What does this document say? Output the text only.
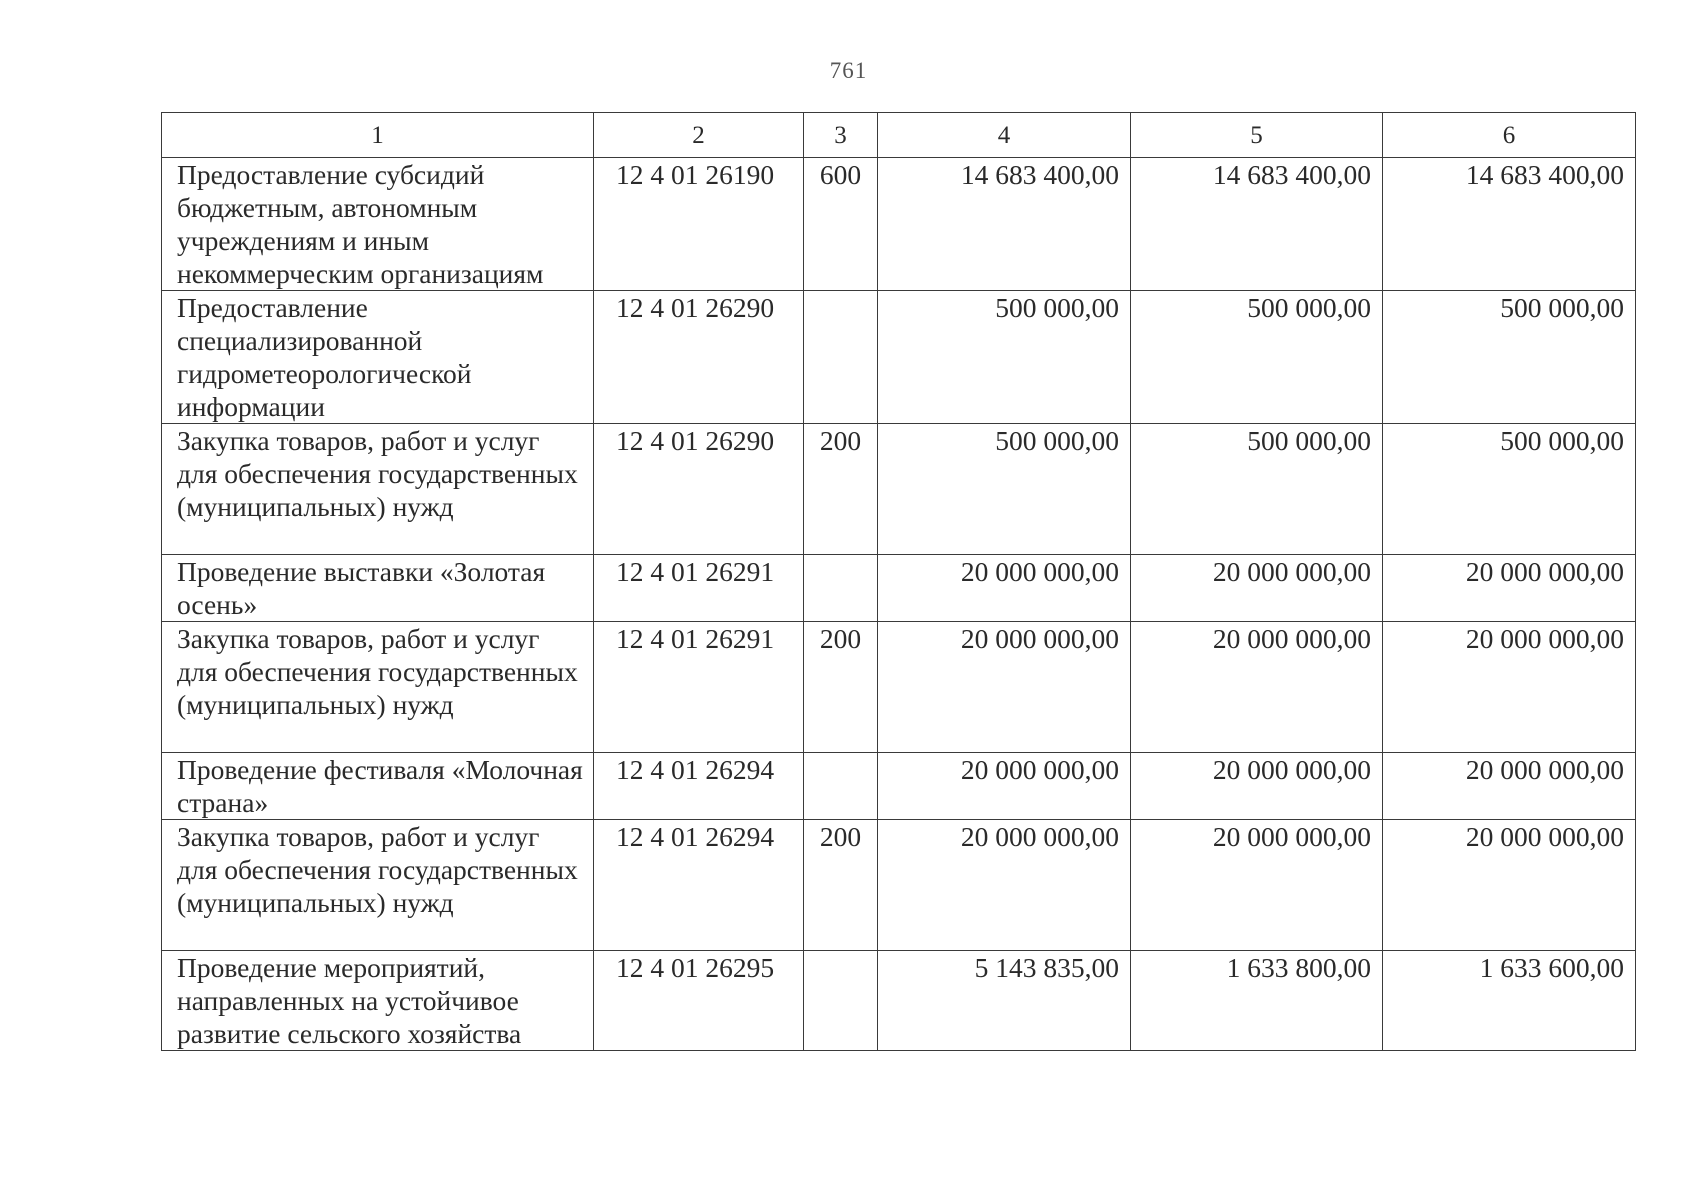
761
1	2	3	4	5	6
Предоставление субсидий бюджетным, автономным учреждениям и иным некоммерческим организациям	12 4 01 26190	600	14 683 400,00	14 683 400,00	14 683 400,00
Предоставление специализированной гидрометеорологической информации	12 4 01 26290		500 000,00	500 000,00	500 000,00
Закупка товаров, работ и услуг для обеспечения государственных (муниципальных) нужд	12 4 01 26290	200	500 000,00	500 000,00	500 000,00
Проведение выставки «Золотая осень»	12 4 01 26291		20 000 000,00	20 000 000,00	20 000 000,00
Закупка товаров, работ и услуг для обеспечения государственных (муниципальных) нужд	12 4 01 26291	200	20 000 000,00	20 000 000,00	20 000 000,00
Проведение фестиваля «Молочная страна»	12 4 01 26294		20 000 000,00	20 000 000,00	20 000 000,00
Закупка товаров, работ и услуг для обеспечения государственных (муниципальных) нужд	12 4 01 26294	200	20 000 000,00	20 000 000,00	20 000 000,00
Проведение мероприятий, направленных на устойчивое развитие сельского хозяйства	12 4 01 26295		5 143 835,00	1 633 800,00	1 633 600,00
